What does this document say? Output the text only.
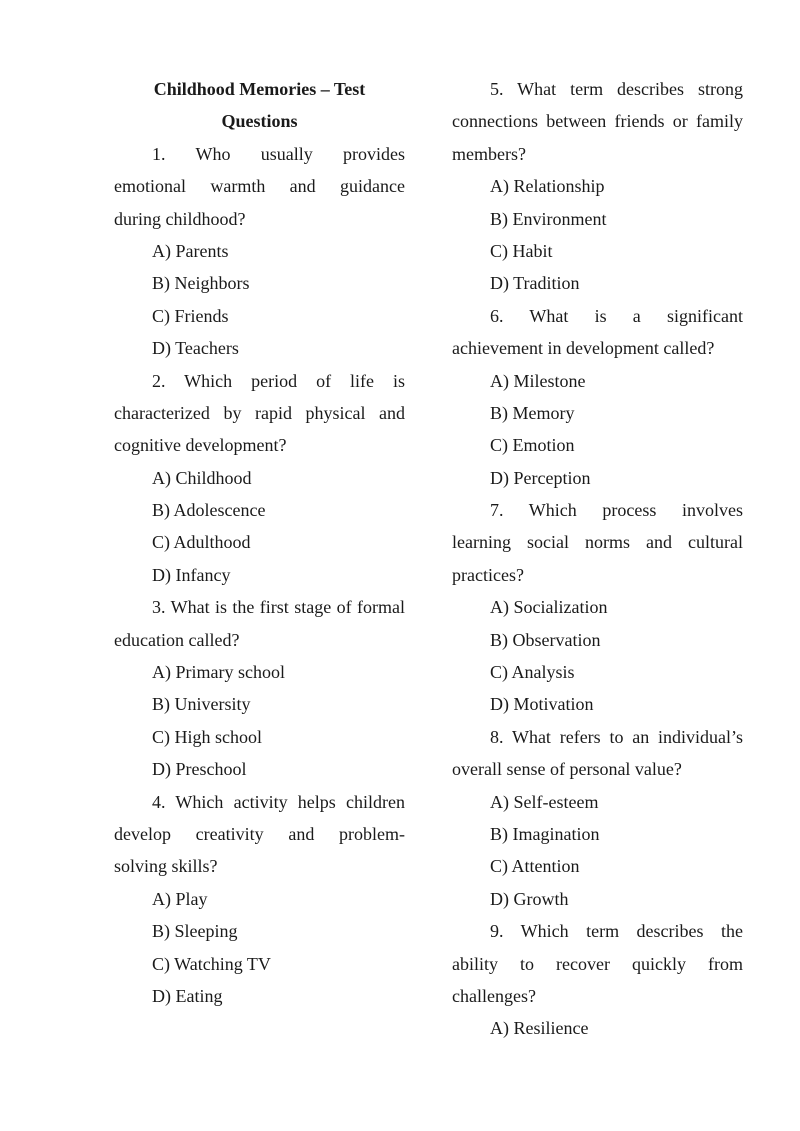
Childhood Memories – Test
Questions
1. Who usually provides
emotional warmth and guidance
during childhood?
A) Parents
B) Neighbors
C) Friends
D) Teachers
2. Which period of life is
characterized by rapid physical and
cognitive development?
A) Childhood
B) Adolescence
C) Adulthood
D) Infancy
3. What is the first stage of formal
education called?
A) Primary school
B) University
C) High school
D) Preschool
4. Which activity helps children
develop creativity and problem-
solving skills?
A) Play
B) Sleeping
C) Watching TV
D) Eating
5. What term describes strong
connections between friends or family
members?
A) Relationship
B) Environment
C) Habit
D) Tradition
6. What is a significant
achievement in development called?
A) Milestone
B) Memory
C) Emotion
D) Perception
7. Which process involves
learning social norms and cultural
practices?
A) Socialization
B) Observation
C) Analysis
D) Motivation
8. What refers to an individual’s
overall sense of personal value?
A) Self-esteem
B) Imagination
C) Attention
D) Growth
9. Which term describes the
ability to recover quickly from
challenges?
A) Resilience
